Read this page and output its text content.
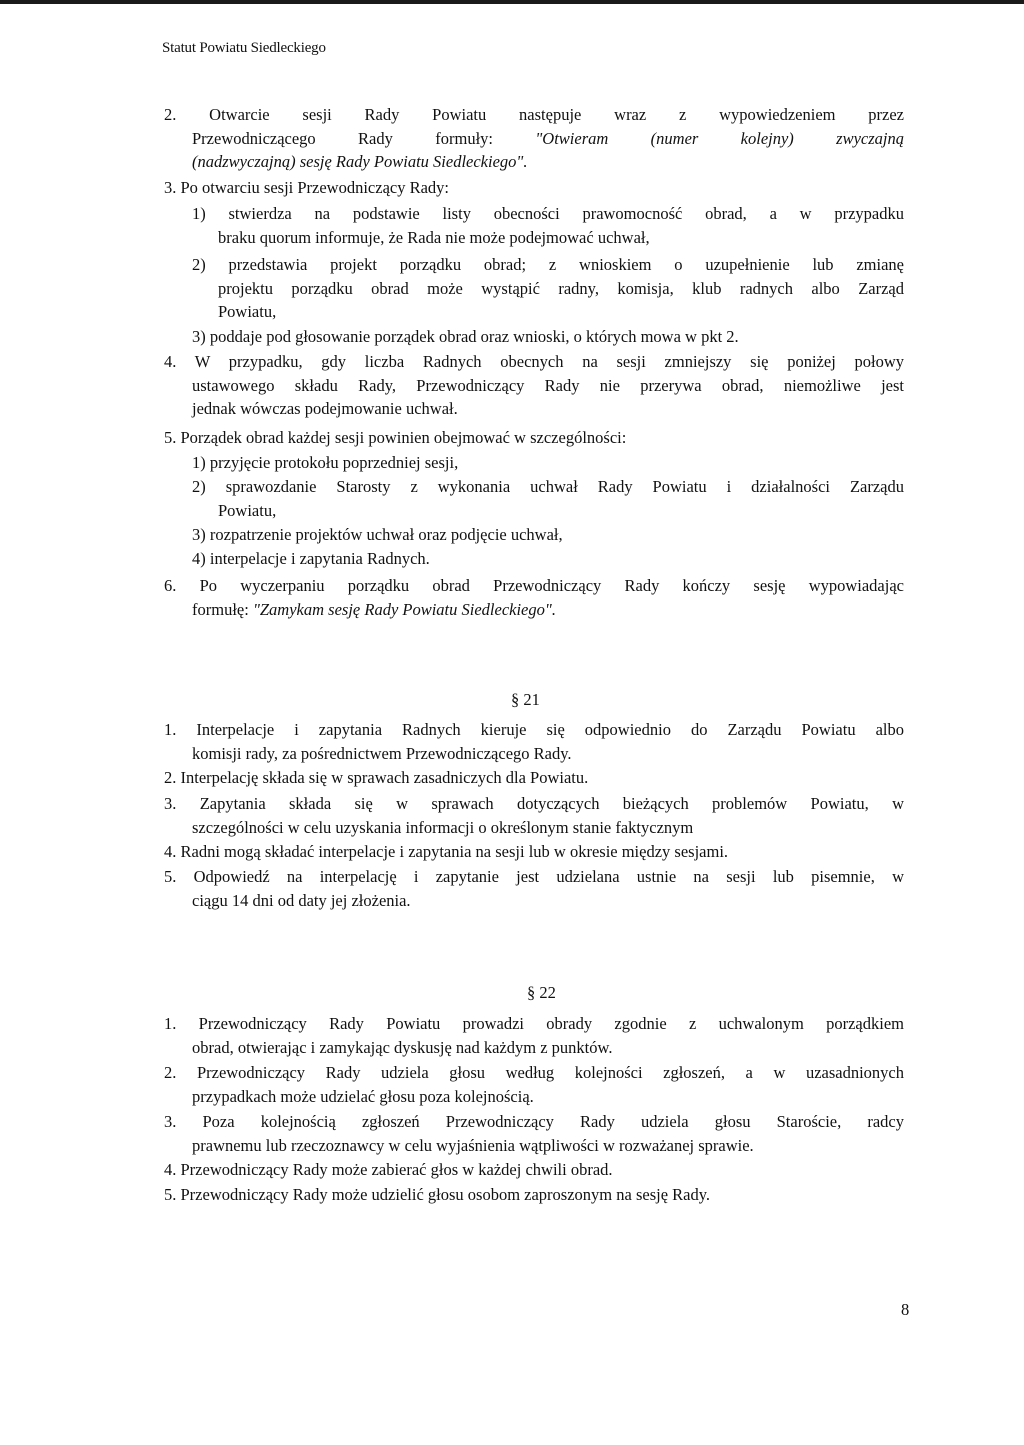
Statut Powiatu Siedleckiego
2. Otwarcie sesji Rady Powiatu następuje wraz z wypowiedzeniem przez
Przewodniczącego Rady formuły: "Otwieram (numer kolejny) zwyczajną
(nadzwyczajną) sesję Rady Powiatu Siedleckiego".
3. Po otwarciu sesji Przewodniczący Rady:
1) stwierdza na podstawie listy obecności prawomocność obrad, a w przypadku
braku quorum informuje, że Rada nie może podejmować uchwał,
2) przedstawia projekt porządku obrad; z wnioskiem o uzupełnienie lub zmianę
projektu porządku obrad może wystąpić radny, komisja, klub radnych albo Zarząd
Powiatu,
3) poddaje pod głosowanie porządek obrad oraz wnioski, o których mowa w pkt 2.
4. W przypadku, gdy liczba Radnych obecnych na sesji zmniejszy się poniżej połowy
ustawowego składu Rady, Przewodniczący Rady nie przerywa obrad, niemożliwe jest
jednak wówczas podejmowanie uchwał.
5. Porządek obrad każdej sesji powinien obejmować w szczególności:
1) przyjęcie protokołu poprzedniej sesji,
2) sprawozdanie Starosty z wykonania uchwał Rady Powiatu i działalności Zarządu
Powiatu,
3) rozpatrzenie projektów uchwał oraz podjęcie uchwał,
4) interpelacje i zapytania Radnych.
6. Po wyczerpaniu porządku obrad Przewodniczący Rady kończy sesję wypowiadając
formułę: "Zamykam sesję Rady Powiatu Siedleckiego".
§ 21
1. Interpelacje i zapytania Radnych kieruje się odpowiednio do Zarządu Powiatu albo
komisji rady, za pośrednictwem Przewodniczącego Rady.
2. Interpelację składa się w sprawach zasadniczych dla Powiatu.
3. Zapytania składa się w sprawach dotyczących bieżących problemów Powiatu, w
szczególności w celu uzyskania informacji o określonym stanie faktycznym
4. Radni mogą składać interpelacje i zapytania na sesji lub w okresie między sesjami.
5. Odpowiedź na interpelację i zapytanie jest udzielana ustnie na sesji lub pisemnie, w
ciągu 14 dni od daty jej złożenia.
§ 22
1. Przewodniczący Rady Powiatu prowadzi obrady zgodnie z uchwalonym porządkiem
obrad, otwierając i zamykając dyskusję nad każdym z punktów.
2. Przewodniczący Rady udziela głosu według kolejności zgłoszeń, a w uzasadnionych
przypadkach może udzielać głosu poza kolejnością.
3. Poza kolejnością zgłoszeń Przewodniczący Rady udziela głosu Staroście, radcy
prawnemu lub rzeczoznawcy w celu wyjaśnienia wątpliwości w rozważanej sprawie.
4. Przewodniczący Rady może zabierać głos w każdej chwili obrad.
5. Przewodniczący Rady może udzielić głosu osobom zaproszonym na sesję Rady.
8
